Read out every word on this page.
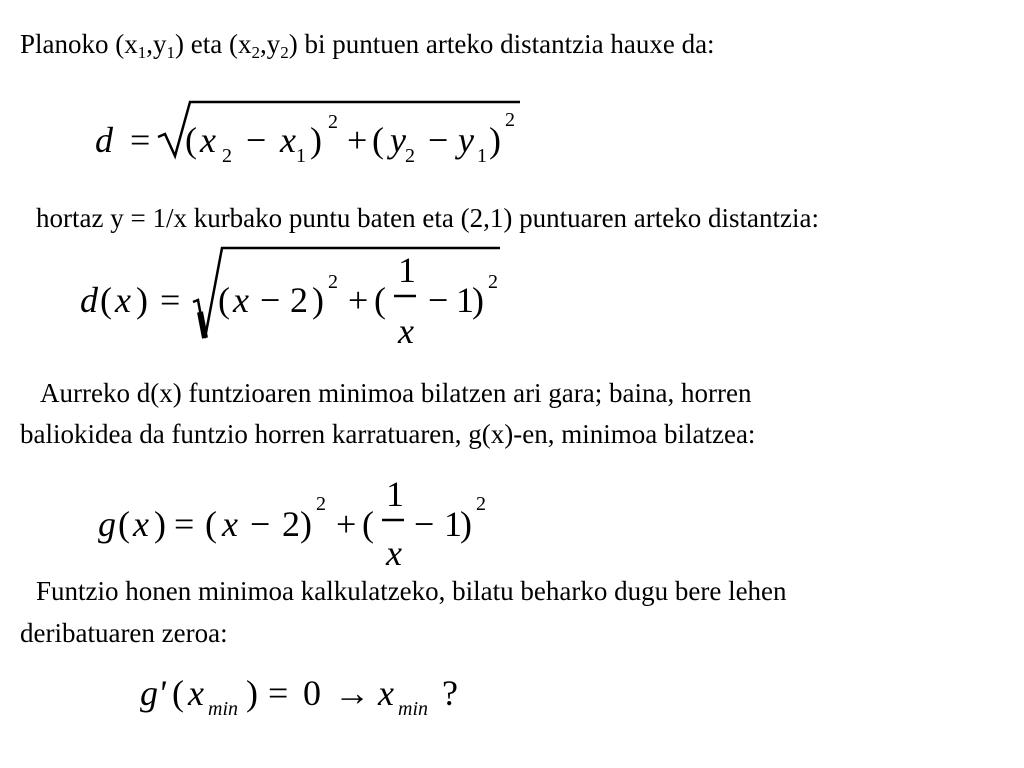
Planoko $(x_1,y_1)$ eta $(x_2,y_2)$ bi puntuen arteko distantzia hauxe da:
d = ( x 2 − x 1 ) 2 + ( y 2 − y 1 ) 2
hortaz y = 1/x kurbako puntu baten eta (2,1) puntuaren arteko distantzia:
d ( x ) = ( x − 2 ) 2 + (
1
x
− 1
) 2
Aurreko d(x) funtzioaren minimoa bilatzen ari gara; baina, horren
baliokidea da funtzio horren karratuaren, g(x)-en, minimoa bilatzea:
g ( x ) = ( x − 2 ) 2 + (
1
x
− 1
) 2
Funtzio honen minimoa kalkulatzeko, bilatu beharko dugu bere lehen
deribatuaren zeroa:
g' ( x min ) = 0 → x min ?
